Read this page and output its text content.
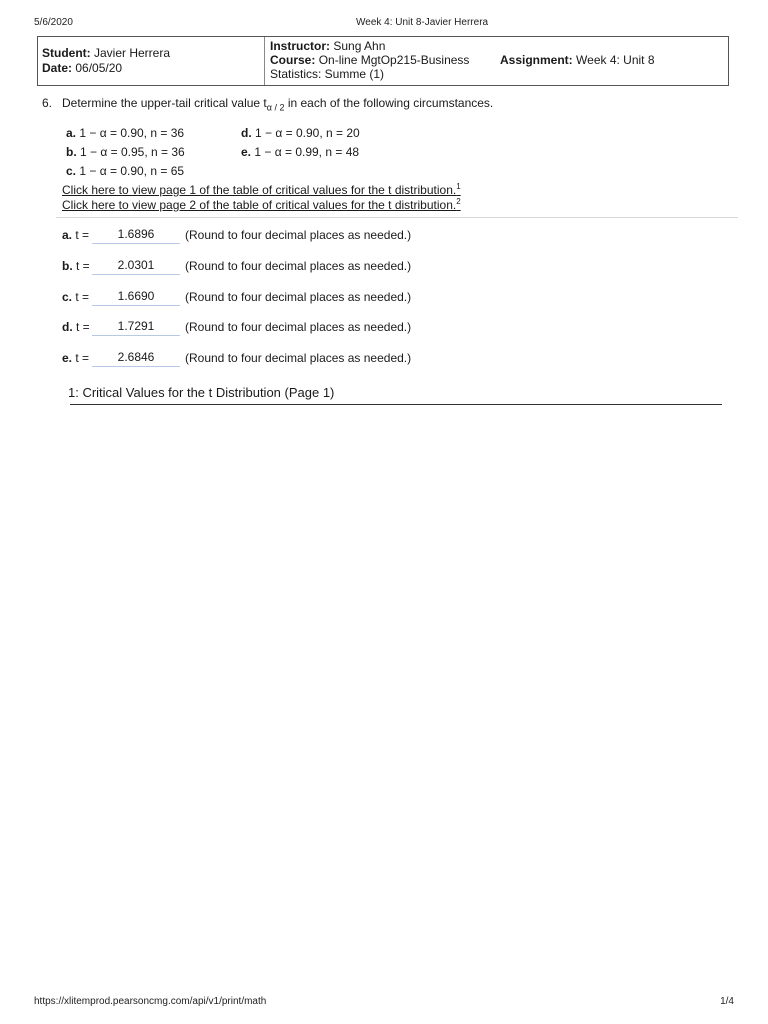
5/6/2020	Week 4: Unit 8-Javier Herrera
Student: Javier Herrera
Date: 06/05/20
Instructor: Sung Ahn
Course: On-line MgtOp215-Business
Statistics: Summe (1)
Assignment: Week 4: Unit 8
6. Determine the upper-tail critical value $t_{\alpha / 2}$ in each of the following circumstances.
a. 1 − α = 0.90, n = 36
b. 1 − α = 0.95, n = 36
c. 1 − α = 0.90, n = 65
d. 1 − α = 0.90, n = 20
e. 1 − α = 0.99, n = 48
Click here to view page 1 of the table of critical values for the t distribution.$^1$
Click here to view page 2 of the table of critical values for the t distribution.$^2$
a. t =	1.6896	(Round to four decimal places as needed.)
b. t =	2.0301	(Round to four decimal places as needed.)
c. t =	1.6690	(Round to four decimal places as needed.)
d. t =	1.7291	(Round to four decimal places as needed.)
e. t =	2.6846	(Round to four decimal places as needed.)
1: Critical Values for the t Distribution (Page 1)
https://xlitemprod.pearsoncmg.com/api/v1/print/math	1/4
